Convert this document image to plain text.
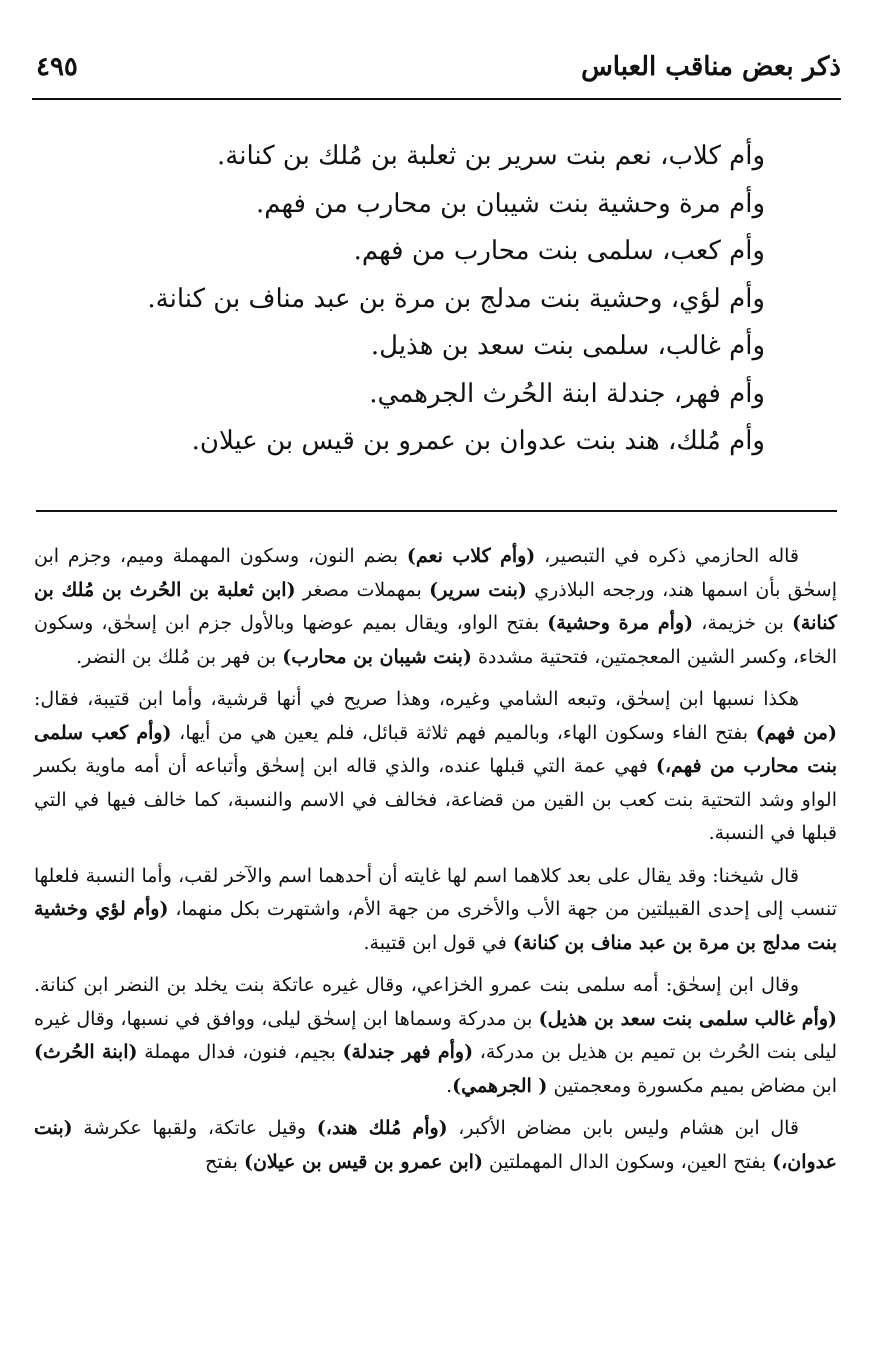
ذكر بعض مناقب العباس
٤٩٥
وأم كلاب، نعم بنت سرير بن ثعلبة بن مُلك بن كنانة.
وأم مرة وحشية بنت شيبان بن محارب من فهم.
وأم كعب، سلمى بنت محارب من فهم.
وأم لؤي، وحشية بنت مدلج بن مرة بن عبد مناف بن كنانة.
وأم غالب، سلمى بنت سعد بن هذيل.
وأم فهر، جندلة ابنة الحُرث الجرهمي.
وأم مُلك، هند بنت عدوان بن عمرو بن قيس بن عيلان.

قاله الحازمي ذكره في التبصير، (وأم كلاب نعم) بضم النون، وسكون المهملة وميم، وجزم ابن إسحٰق بأن اسمها هند، ورجحه البلاذري (بنت سرير) بمهملات مصغر (ابن ثعلبة بن الحُرث بن مُلك بن كنانة) بن خزيمة، (وأم مرة وحشية) بفتح الواو، ويقال بميم عوضها وبالأول جزم ابن إسحٰق، وسكون الخاء، وكسر الشين المعجمتين، فتحتية مشددة (بنت شيبان بن محارب) بن فهر بن مُلك بن النضر.

هكذا نسبها ابن إسحٰق، وتبعه الشامي وغيره، وهذا صريح في أنها قرشية، وأما ابن قتيبة، فقال: (من فهم) بفتح الفاء وسكون الهاء، وبالميم فهم ثلاثة قبائل، فلم يعين هي من أيها، (وأم كعب سلمى بنت محارب من فهم،) فهي عمة التي قبلها عنده، والذي قاله ابن إسحٰق وأتباعه أن أمه ماوية بكسر الواو وشد التحتية بنت كعب بن القين من قضاعة، فخالف في الاسم والنسبة، كما خالف فيها في التي قبلها في النسبة.

قال شيخنا: وقد يقال على بعد كلاهما اسم لها غايته أن أحدهما اسم والآخر لقب، وأما النسبة فلعلها تنسب إلى إحدى القبيلتين من جهة الأب والأخرى من جهة الأم، واشتهرت بكل منهما، (وأم لؤي وخشية بنت مدلج بن مرة بن عبد مناف بن كنانة) في قول ابن قتيبة.

وقال ابن إسحٰق: أمه سلمى بنت عمرو الخزاعي، وقال غيره عاتكة بنت يخلد بن النضر ابن كنانة. (وأم غالب سلمى بنت سعد بن هذيل) بن مدركة وسماها ابن إسحٰق ليلى، ووافق في نسبها، وقال غيره ليلى بنت الحُرث بن تميم بن هذيل بن مدركة، (وأم فهر جندلة) بجيم، فنون، فدال مهملة (ابنة الحُرث) ابن مضاض بميم مكسورة ومعجمتين ( الجرهمي).

قال ابن هشام وليس بابن مضاض الأكبر، (وأم مُلك هند،) وقيل عاتكة، ولقبها عكرشة (بنت عدوان،) بفتح العين، وسكون الدال المهملتين (ابن عمرو بن قيس بن عيلان) بفتح
